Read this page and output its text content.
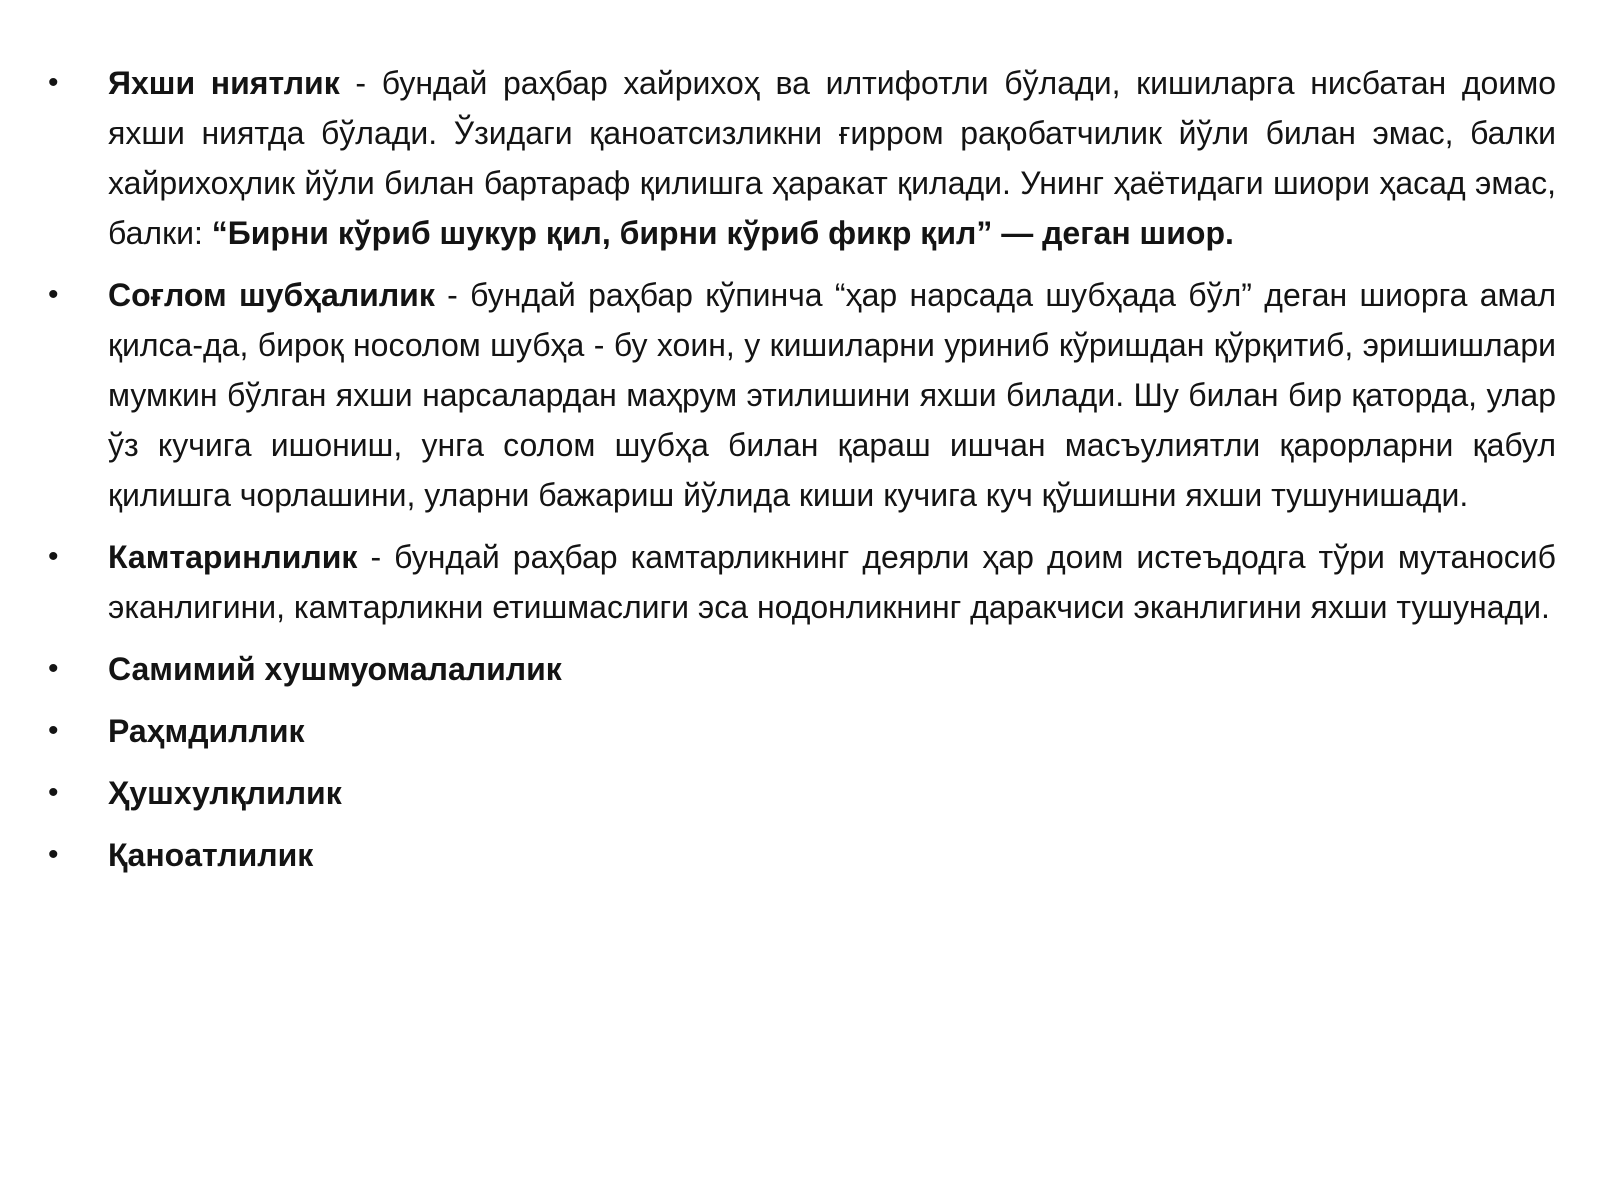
•	Яхши ниятлик - бундай раҳбар хайрихоҳ ва илтифотли бўлади, кишиларга нисбатан доимо яхши ниятда бўлади. Ўзидаги қаноатсизликни ғирром рақобатчилик йўли билан эмас, балки хайрихоҳлик йўли билан бартараф қилишга ҳаракат қилади. Унинг ҳаётидаги шиори ҳасад эмас, балки: “Бирни кўриб шукур қил, бирни кўриб фикр қил” — деган шиор.
•	Соғлом шубҳалилик - бундай раҳбар кўпинча “ҳар нарсада шубҳада бўл” деган шиорга амал қилса-да, бироқ носолом шубҳа - бу хоин, у кишиларни уриниб кўришдан қўрқитиб, эришишлари мумкин бўлган яхши нарсалардан маҳрум этилишини яхши билади. Шу билан бир қаторда, улар ўз кучига ишониш, унга солом шубҳа билан қараш ишчан масъулиятли қарорларни қабул қилишга чорлашини, уларни бажариш йўлида киши кучига куч қўшишни яхши тушунишади.
•	Камтаринлилик - бундай раҳбар камтарликнинг деярли ҳар доим истеъдодга тўри мутаносиб эканлигини, камтарликни етишмаслиги эса нодонликнинг даракчиси эканлигини яхши тушунади.
•	Самимий хушмуомалалилик
•	Раҳмдиллик
•	Ҳушхулқлилик
•	Қаноатлилик
